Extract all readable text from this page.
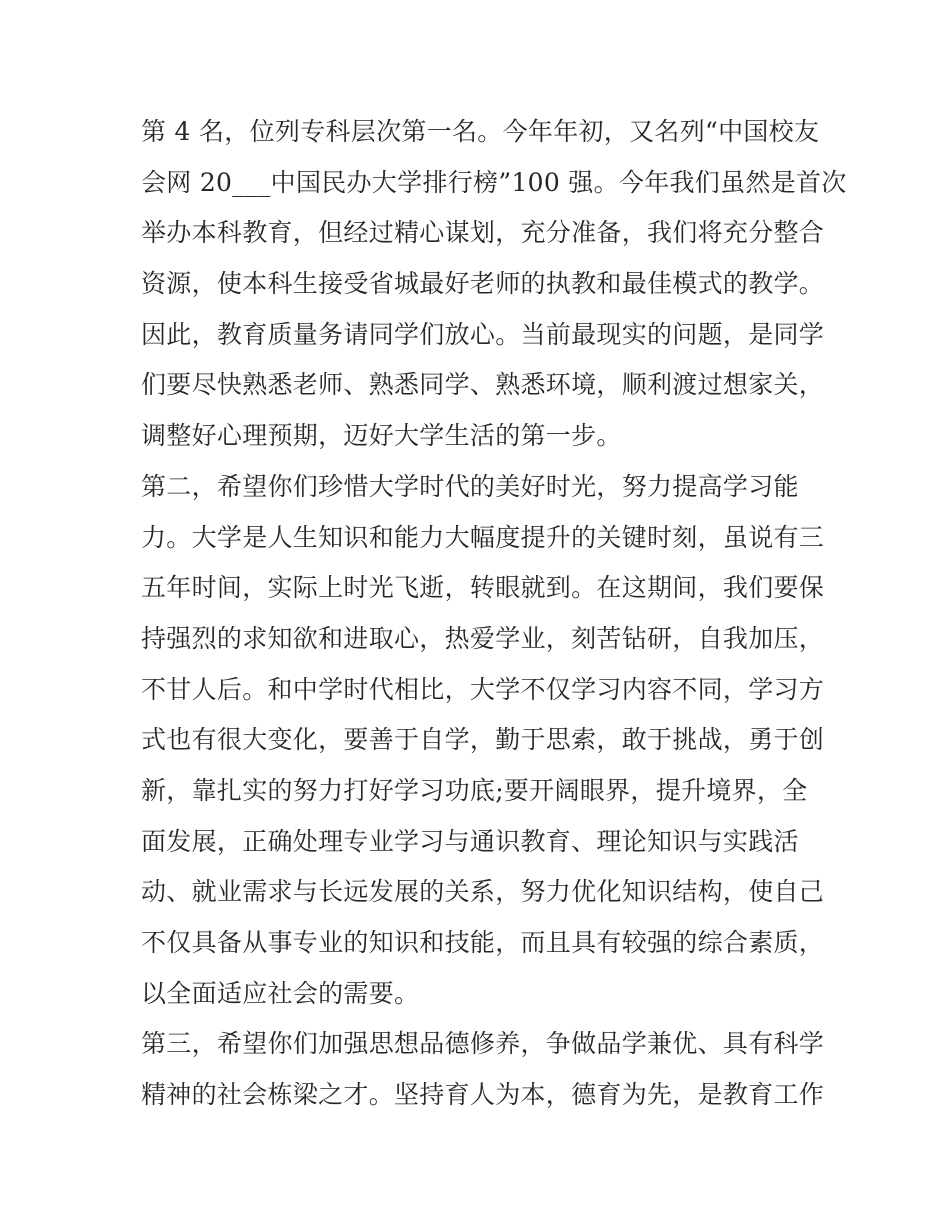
第 4 名，位列专科层次第一名。今年年初，又名列“中国校友
会网 20___中国民办大学排行榜”100 强。今年我们虽然是首次
举办本科教育，但经过精心谋划，充分准备，我们将充分整合
资源，使本科生接受省城最好老师的执教和最佳模式的教学。
因此，教育质量务请同学们放心。当前最现实的问题，是同学
们要尽快熟悉老师、熟悉同学、熟悉环境，顺利渡过想家关，
调整好心理预期，迈好大学生活的第一步。
第二，希望你们珍惜大学时代的美好时光，努力提高学习能
力。大学是人生知识和能力大幅度提升的关键时刻，虽说有三
五年时间，实际上时光飞逝，转眼就到。在这期间，我们要保
持强烈的求知欲和进取心，热爱学业，刻苦钻研，自我加压，
不甘人后。和中学时代相比，大学不仅学习内容不同，学习方
式也有很大变化，要善于自学，勤于思索，敢于挑战，勇于创
新，靠扎实的努力打好学习功底;要开阔眼界，提升境界，全
面发展，正确处理专业学习与通识教育、理论知识与实践活
动、就业需求与长远发展的关系，努力优化知识结构，使自己
不仅具备从事专业的知识和技能，而且具有较强的综合素质，
以全面适应社会的需要。
第三，希望你们加强思想品德修养，争做品学兼优、具有科学
精神的社会栋梁之才。坚持育人为本，德育为先，是教育工作
